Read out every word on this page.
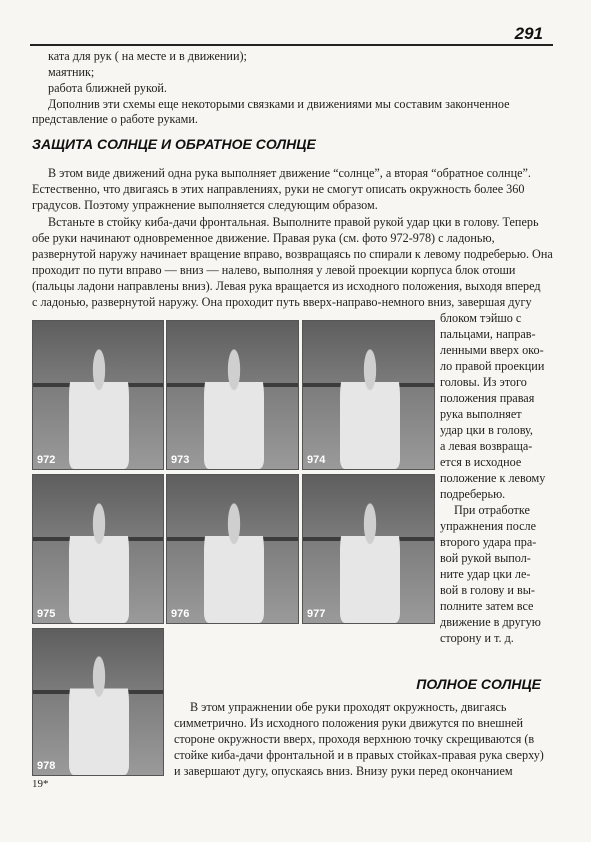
291

ката для рук ( на месте и в движении);

маятник;

работа ближней рукой.

Дополнив эти схемы еще некоторыми связками и движениями мы составим законченное

представление о работе руками.

ЗАЩИТА СОЛНЦЕ И ОБРАТНОЕ СОЛНЦЕ

В этом виде движений одна рука выполняет движение “солнце”, а вторая “обратное солнце”.

Естественно, что двигаясь в этих направлениях, руки не смогут описать окружность более 360

градусов. Поэтому упражнение выполняется следующим образом.

Встаньте в стойку киба-дачи фронтальная. Выполните правой рукой удар цки в голову. Теперь

обе руки начинают одновременное движение. Правая рука (см. фото 972-978) с ладонью,

развернутой наружу начинает вращение вправо, возвращаясь по спирали к левому подреберью. Она

проходит по пути вправо — вниз — налево, выполняя у левой проекции корпуса блок отоши

(пальцы ладони направлены вниз). Левая рука вращается из исходного положения, выходя вперед

с ладонью, развернутой наружу. Она проходит путь вверх-направо-немного вниз, завершая дугу

блоком тэйшо с

пальцами, направ-

ленными вверх око-

ло правой проекции

головы. Из этого

положения правая

рука выполняет

удар цки в голову,

а левая возвраща-

ется в исходное

положение к левому

подреберью.

При отработке

упражнения после

второго удара пра-

вой рукой выпол-

ните удар цки ле-

вой в голову и вы-

полните затем все

движение в другую

сторону и т. д.

972	973	974
975	976	977
978
ПОЛНОЕ СОЛНЦЕ

В этом упражнении обе руки проходят окружность, двигаясь

симметрично. Из исходного положения руки движутся по внешней

стороне окружности вверх, проходя верхнюю точку скрещиваются (в

стойке киба-дачи фронтальной и в правых стойках-правая рука сверху)

и завершают дугу, опускаясь вниз. Внизу руки перед окончанием

19*
